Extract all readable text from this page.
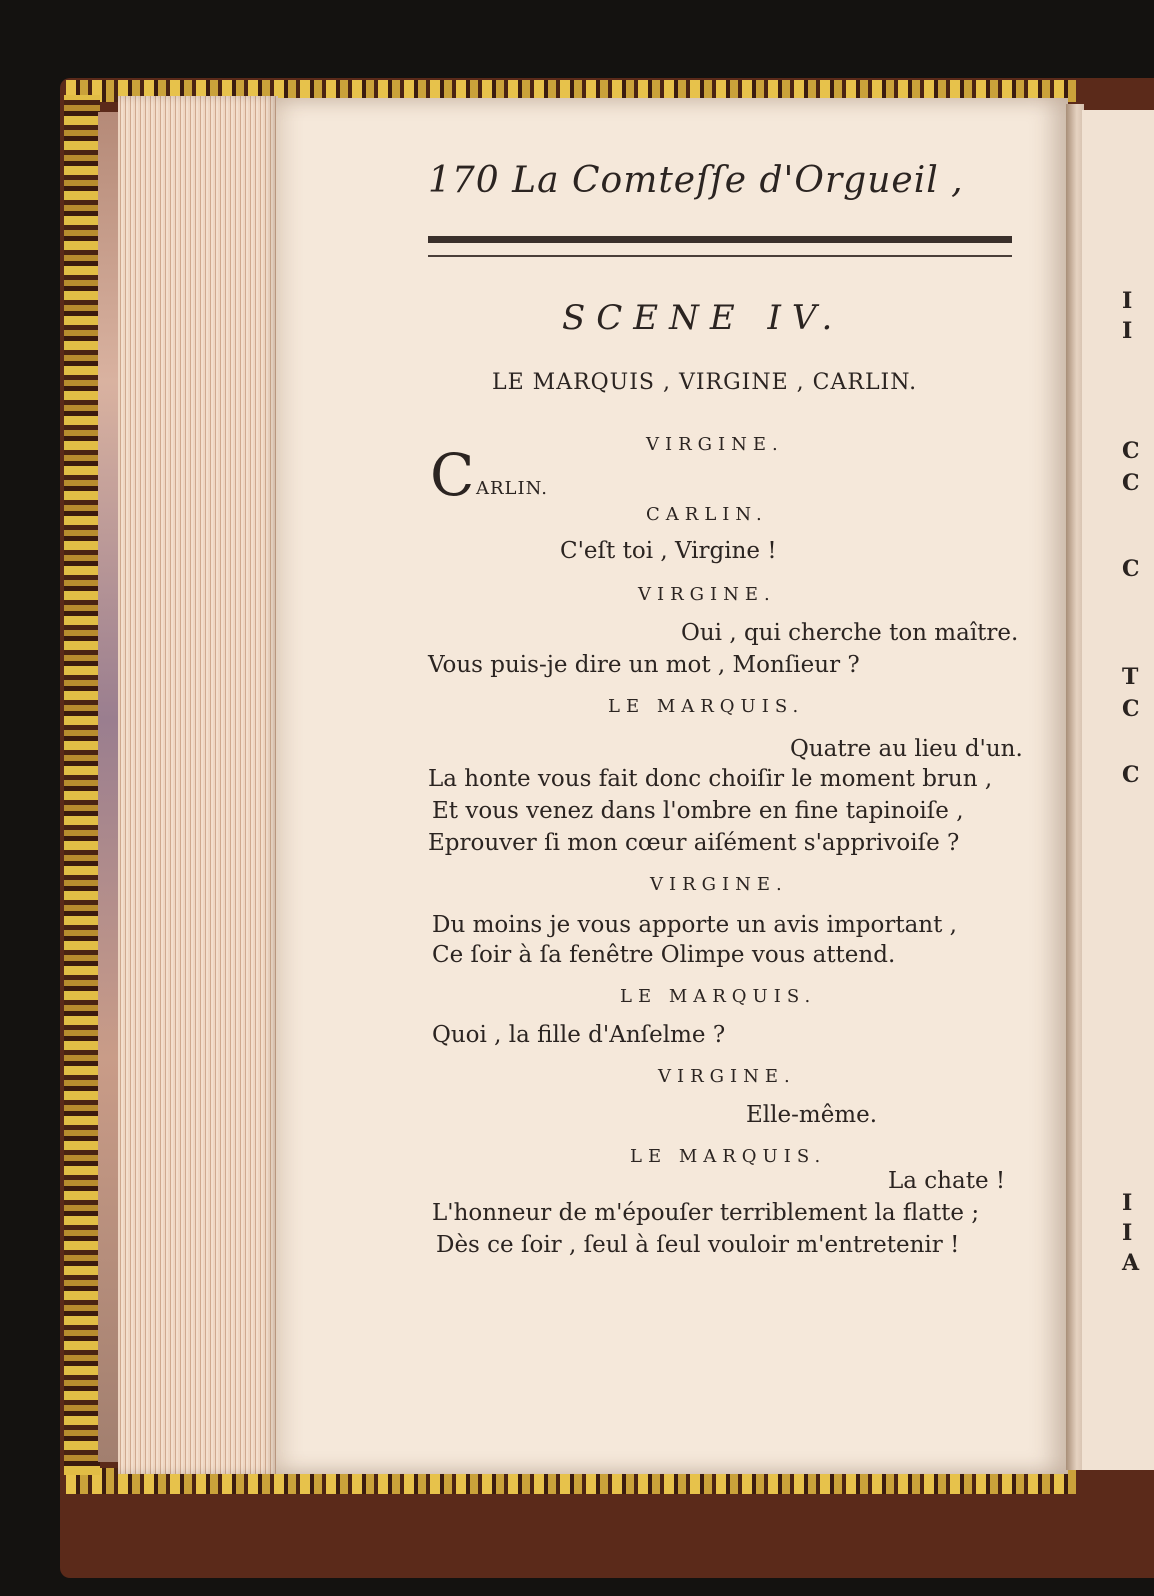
I
I
C
C
C
T
C
C
I
I
A
170 La Comteſſe d'Orgueil ,
SCENE IV.
LE MARQUIS , VIRGINE , CARLIN.
VIRGINE.
C ARLIN.
CARLIN.
C'eſt toi , Virgine !
VIRGINE.
Oui , qui cherche ton maître.
Vous puis-je dire un mot , Monſieur ?
LE MARQUIS.
Quatre au lieu d'un.
La honte vous fait donc choiſir le moment brun ,
Et vous venez dans l'ombre en fine tapinoiſe ,
Eprouver ſi mon cœur aiſément s'apprivoiſe ?
VIRGINE.
Du moins je vous apporte un avis important ,
Ce ſoir à ſa fenêtre Olimpe vous attend.
LE MARQUIS.
Quoi , la fille d'Anſelme ?
VIRGINE.
Elle-même.
LE MARQUIS.
La chate !
L'honneur de m'épouſer terriblement la flatte ;
Dès ce ſoir , ſeul à ſeul vouloir m'entretenir !
